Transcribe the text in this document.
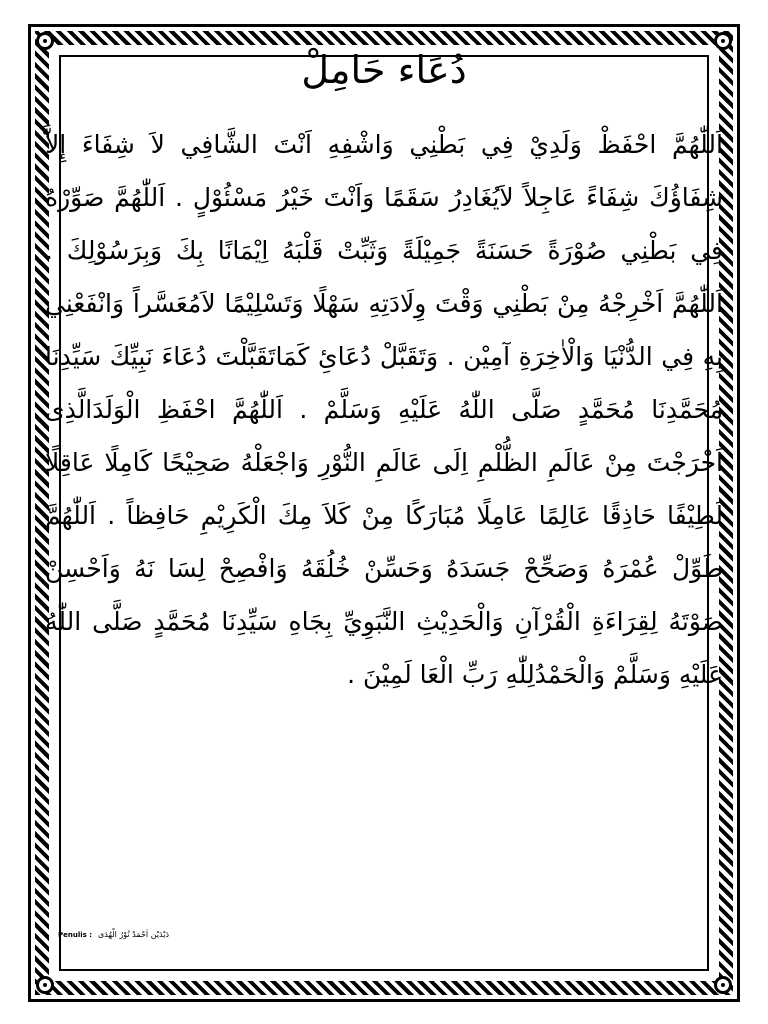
دُعَاء حَامِلْ
اَللّٰهُمَّ احْفَظْ وَلَدِيْ فِي بَطْنِي وَاشْفِهِ اَنْتَ الشَّافِي لاَ شِفَاءَ إِلاَّ شِفَاؤُكَ شِفَاءً عَاجِلاً لاَيُغَادِرُ سَقَمًا وَاَنْتَ خَيْرُ مَسْئُوْلٍ . اَللّٰهُمَّ صَوِّرْهُ فِي بَطْنِي صُوْرَةً حَسَنَةً جَمِيْلَةً وَثَبِّتْ قَلْبَهُ اِيْمَانًا بِكَ وَبِرَسُوْلِكَ . اَللّٰهُمَّ اَخْرِجْهُ مِنْ بَطْنِي وَقْتَ وِلَادَتِهِ سَهْلًا وَتَسْلِيْمًا لاَمُعَسَّراً وَانْفَعْنِي بِهِ فِي الدُّنْيَا وَالْاٰخِرَةِ آمِيْن . وَتَقَبَّلْ دُعَائِ كَمَاتَقَبَّلْتَ دُعَاءَ نَبِيِّكَ سَيِّدِنَا مُحَمَّدِنَا مُحَمَّدٍ صَلَّى اللّٰهُ عَلَيْهِ وَسَلَّمْ . اَللّٰهُمَّ احْفَظِ الْوَلَدَالَّذِى اَخْرَجْتَ مِنْ عَالَمِ الظُّلْمِ اِلَى عَالَمِ النُّوْرِ وَاجْعَلْهُ صَحِيْحًا كَامِلًا عَاقِلًا لَطِيْفًا حَاذِقًا عَالِمًا عَامِلًا مُبَارَكًا مِنْ كَلاَ مِكَ الْكَرِيْمِ حَافِظاً . اَللّٰهُمَّ طَوِّلْ عُمْرَهُ وَصَحِّحْ جَسَدَهُ وَحَسِّنْ خُلُقَهُ وَافْصِحْ لِسَا نَهُ وَاَحْسِنْ صَوْتَهُ لِقِرَاءَةِ الْقُرْآنِ وَالْحَدِيْثِ النَّبَوِيِّ بِجَاهِ سَيِّدِنَا مُحَمَّدٍ صَلَّى اللّٰهُ عَلَيْهِ وَسَلَّمْ وَالْحَمْدُلِلّٰهِ رَبِّ الْعَا لَمِيْنَ .
Penulis : دَيْدَيْن اَحْمَدْ نُوْرُ الْهُدَى
